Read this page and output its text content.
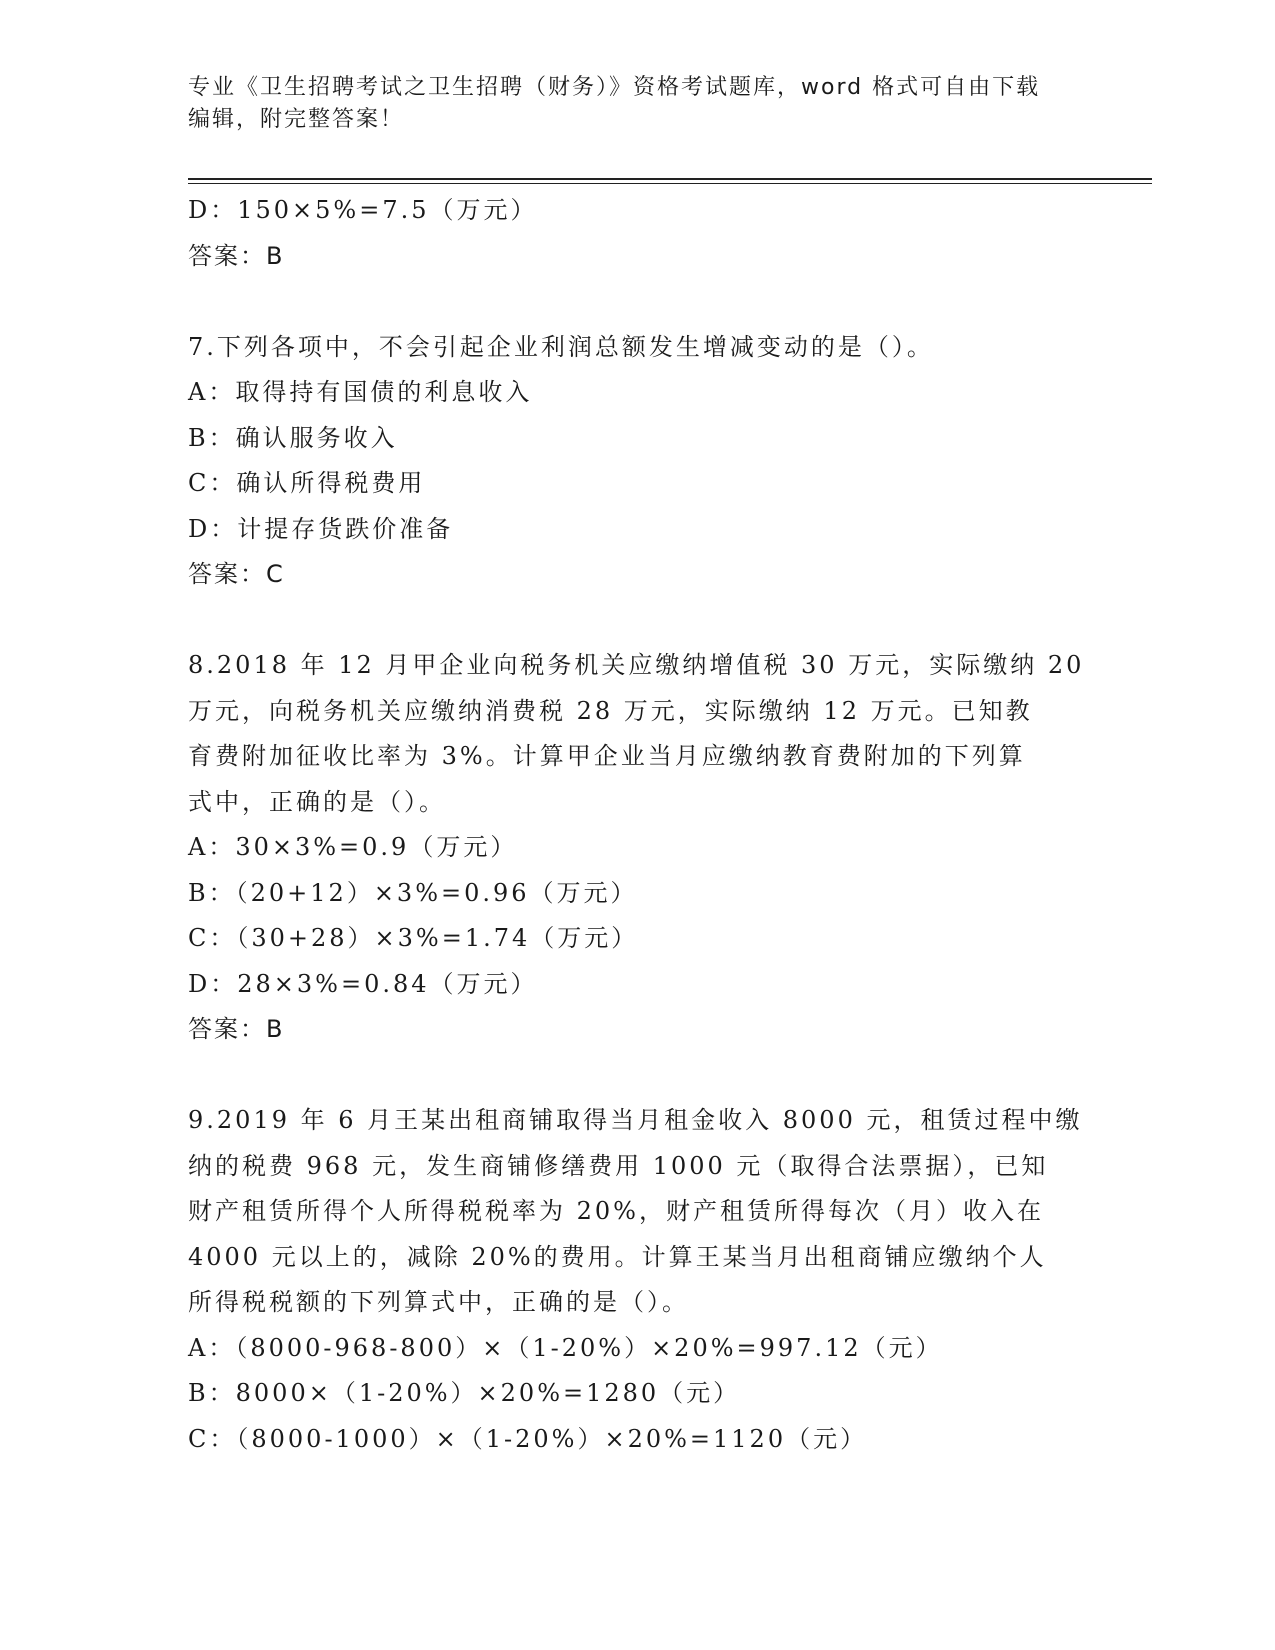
专业《卫生招聘考试之卫生招聘（财务）》资格考试题库，word 格式可自由下载
编辑，附完整答案！
D：150×5%=7.5（万元）
答案：B
7.下列各项中，不会引起企业利润总额发生增减变动的是（）。
A：取得持有国债的利息收入
B：确认服务收入
C：确认所得税费用
D：计提存货跌价准备
答案：C
8.2018 年 12 月甲企业向税务机关应缴纳增值税 30 万元，实际缴纳 20
万元，向税务机关应缴纳消费税 28 万元，实际缴纳 12 万元。已知教
育费附加征收比率为 3%。计算甲企业当月应缴纳教育费附加的下列算
式中，正确的是（）。
A：30×3%=0.9（万元）
B：（20+12）×3%=0.96（万元）
C：（30+28）×3%=1.74（万元）
D：28×3%=0.84（万元）
答案：B
9.2019 年 6 月王某出租商铺取得当月租金收入 8000 元，租赁过程中缴
纳的税费 968 元，发生商铺修缮费用 1000 元（取得合法票据），已知
财产租赁所得个人所得税税率为 20%，财产租赁所得每次（月）收入在
4000 元以上的，减除 20%的费用。计算王某当月出租商铺应缴纳个人
所得税税额的下列算式中，正确的是（）。
A：（8000-968-800）×（1-20%）×20%=997.12（元）
B：8000×（1-20%）×20%=1280（元）
C：（8000-1000）×（1-20%）×20%=1120（元）
